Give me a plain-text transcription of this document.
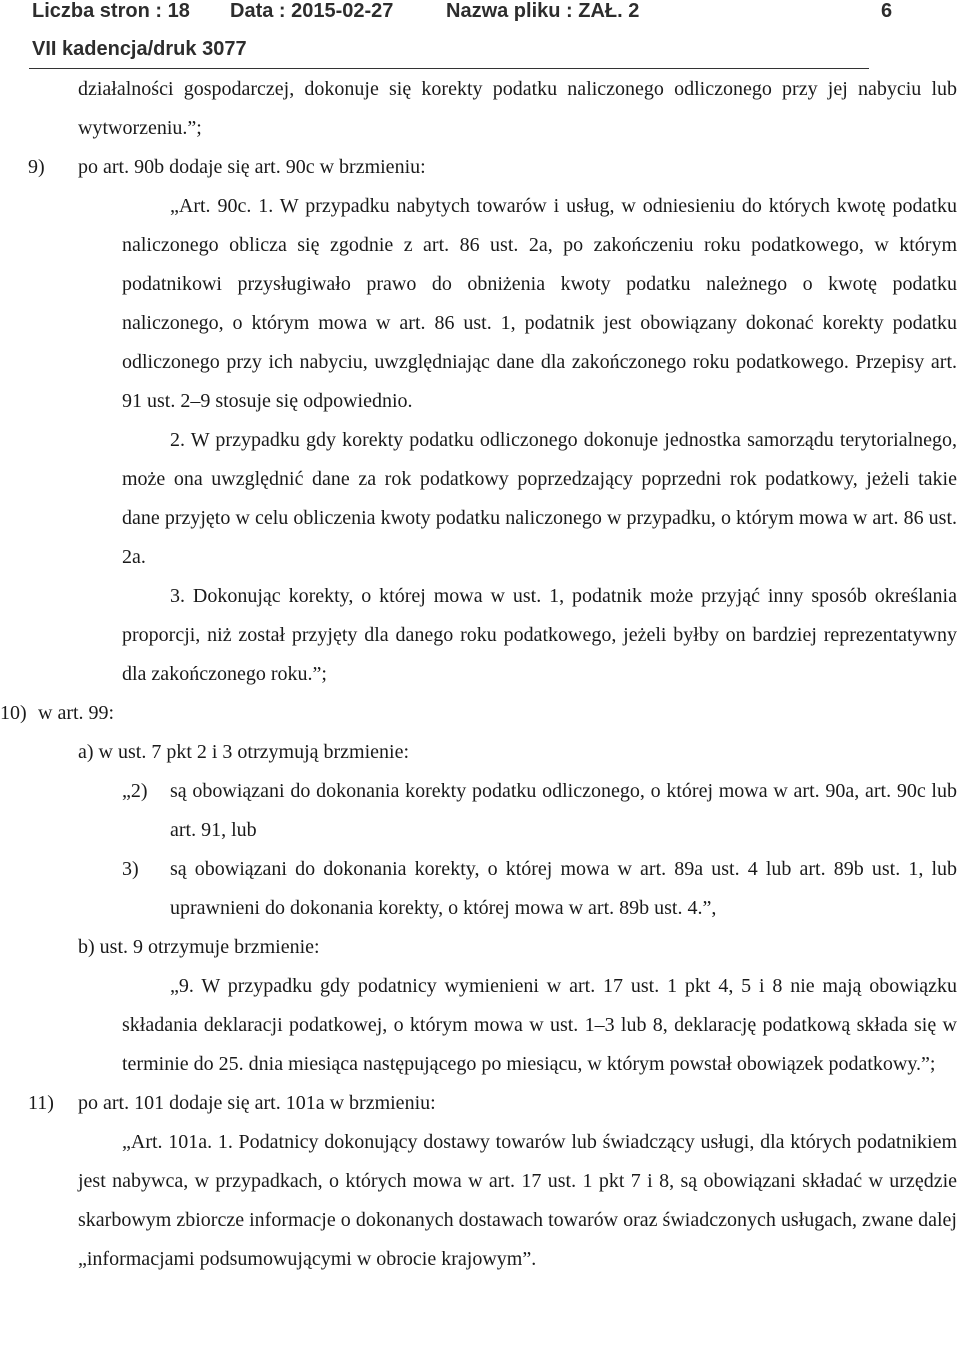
Liczba stron : 18 Data : 2015-02-27	Nazwa pliku : ZAŁ. 2	6
VII kadencja/druk 3077

działalności gospodarczej, dokonuje się korekty podatku naliczonego odliczonego przy jej nabyciu lub wytworzeniu.”;

9) po art. 90b dodaje się art. 90c w brzmieniu:

„Art. 90c. 1. W przypadku nabytych towarów i usług, w odniesieniu do których kwotę podatku naliczonego oblicza się zgodnie z art. 86 ust. 2a, po zakończeniu roku podatkowego, w którym podatnikowi przysługiwało prawo do obniżenia kwoty podatku należnego o kwotę podatku naliczonego, o którym mowa w art. 86 ust. 1, podatnik jest obowiązany dokonać korekty podatku odliczonego przy ich nabyciu, uwzględniając dane dla zakończonego roku podatkowego. Przepisy art. 91 ust. 2–9 stosuje się odpowiednio.

2. W przypadku gdy korekty podatku odliczonego dokonuje jednostka samorządu terytorialnego, może ona uwzględnić dane za rok podatkowy poprzedzający poprzedni rok podatkowy, jeżeli takie dane przyjęto w celu obliczenia kwoty podatku naliczonego w przypadku, o którym mowa w art. 86 ust. 2a.

3. Dokonując korekty, o której mowa w ust. 1, podatnik może przyjąć inny sposób określania proporcji, niż został przyjęty dla danego roku podatkowego, jeżeli byłby on bardziej reprezentatywny dla zakończonego roku.”;

10) w art. 99:

a) w ust. 7 pkt 2 i 3 otrzymują brzmienie:

„2) są obowiązani do dokonania korekty podatku odliczonego, o której mowa w art. 90a, art. 90c lub art. 91, lub

3) są obowiązani do dokonania korekty, o której mowa w art. 89a ust. 4 lub art. 89b ust. 1, lub uprawnieni do dokonania korekty, o której mowa w art. 89b ust. 4.”,

b) ust. 9 otrzymuje brzmienie:

„9. W przypadku gdy podatnicy wymienieni w art. 17 ust. 1 pkt 4, 5 i 8 nie mają obowiązku składania deklaracji podatkowej, o którym mowa w ust. 1–3 lub 8, deklarację podatkową składa się w terminie do 25. dnia miesiąca następującego po miesiącu, w którym powstał obowiązek podatkowy.”;

11) po art. 101 dodaje się art. 101a w brzmieniu:

„Art. 101a. 1. Podatnicy dokonujący dostawy towarów lub świadczący usługi, dla których podatnikiem jest nabywca, w przypadkach, o których mowa w art. 17 ust. 1 pkt 7 i 8, są obowiązani składać w urzędzie skarbowym zbiorcze informacje o dokonanych dostawach towarów oraz świadczonych usługach, zwane dalej „informacjami podsumowującymi w obrocie krajowym”.
